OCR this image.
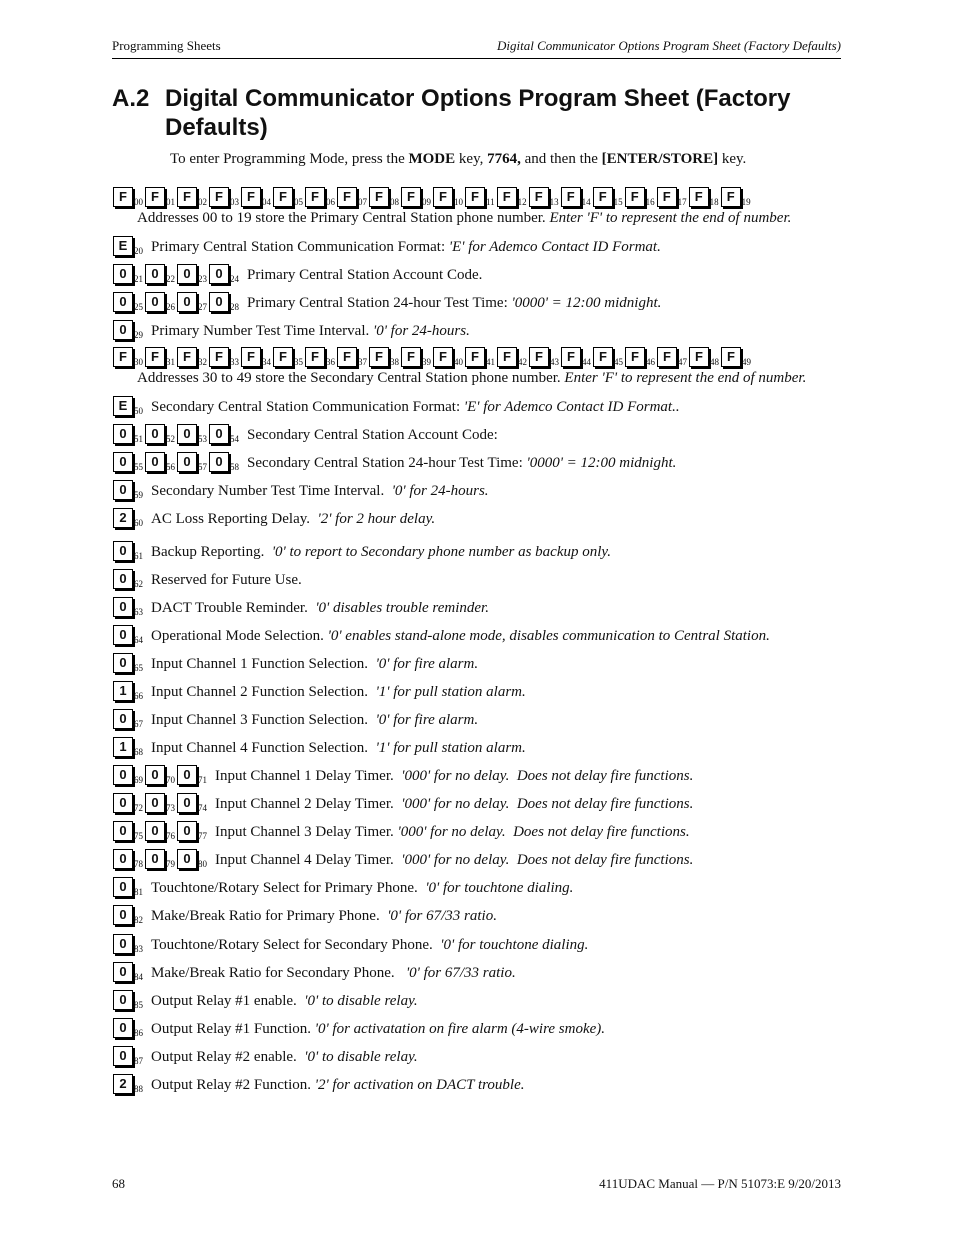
Programming Sheets	Digital Communicator Options Program Sheet (Factory Defaults)
A.2 Digital Communicator Options Program Sheet (Factory Defaults)
To enter Programming Mode, press the MODE key, 7764, and then the [ENTER/STORE] key.
F 00 F 01 F 02 F 03 F 04 F 05 F 06 F 07 F 08 F 09 F 10 F 11 F 12 F 13 F 14 F 15 F 16 F 17 F 18 F 19
E 20 Primary Central Station Communication Format: 'E' for Ademco Contact ID Format.
0 21 0 22 0 23 0 24 Primary Central Station Account Code.
0 25 0 26 0 27 0 28 Primary Central Station 24-hour Test Time: '0000' = 12:00 midnight.
0 29 Primary Number Test Time Interval. '0' for 24-hours.
F 30 F 31 F 32 F 33 F 34 F 35 F 36 F 37 F 38 F 39 F 40 F 41 F 42 F 43 F 44 F 45 F 46 F 47 F 48 F 49
E 50 Secondary Central Station Communication Format: 'E' for Ademco Contact ID Format..
0 51 0 52 0 53 0 54 Secondary Central Station Account Code:
0 55 0 56 0 57 0 58 Secondary Central Station 24-hour Test Time: '0000' = 12:00 midnight.
0 59 Secondary Number Test Time Interval.  '0' for 24-hours.
2 60 AC Loss Reporting Delay.  '2' for 2 hour delay.
0 61 Backup Reporting.  '0' to report to Secondary phone number as backup only.
0 62 Reserved for Future Use.
0 63 DACT Trouble Reminder.  '0' disables trouble reminder.
0 64 Operational Mode Selection. '0' enables stand-alone mode, disables communication to Central Station.
0 65 Input Channel 1 Function Selection.  '0' for fire alarm.
1 66 Input Channel 2 Function Selection.  '1' for pull station alarm.
0 67 Input Channel 3 Function Selection.  '0' for fire alarm.
1 68 Input Channel 4 Function Selection.  '1' for pull station alarm.
0 69 0 70 0 71 Input Channel 1 Delay Timer.  '000' for no delay.  Does not delay fire functions.
0 72 0 73 0 74 Input Channel 2 Delay Timer.  '000' for no delay.  Does not delay fire functions.
0 75 0 76 0 77 Input Channel 3 Delay Timer. '000' for no delay.  Does not delay fire functions.
0 78 0 79 0 80 Input Channel 4 Delay Timer.  '000' for no delay.  Does not delay fire functions.
0 81 Touchtone/Rotary Select for Primary Phone.  '0' for touchtone dialing.
0 82 Make/Break Ratio for Primary Phone.  '0' for 67/33 ratio.
0 83 Touchtone/Rotary Select for Secondary Phone.  '0' for touchtone dialing.
0 84 Make/Break Ratio for Secondary Phone.   '0' for 67/33 ratio.
0 85 Output Relay #1 enable.  '0' to disable relay.
0 86 Output Relay #1 Function. '0' for activatation on fire alarm (4-wire smoke).
0 87 Output Relay #2 enable.  '0' to disable relay.
2 88 Output Relay #2 Function. '2' for activation on DACT trouble.
Addresses 00 to 19 store the Primary Central Station phone number. Enter 'F' to represent the end of number.
Addresses 30 to 49 store the Secondary Central Station phone number. Enter 'F' to represent the end of number.
68	411UDAC Manual — P/N 51073:E 9/20/2013
